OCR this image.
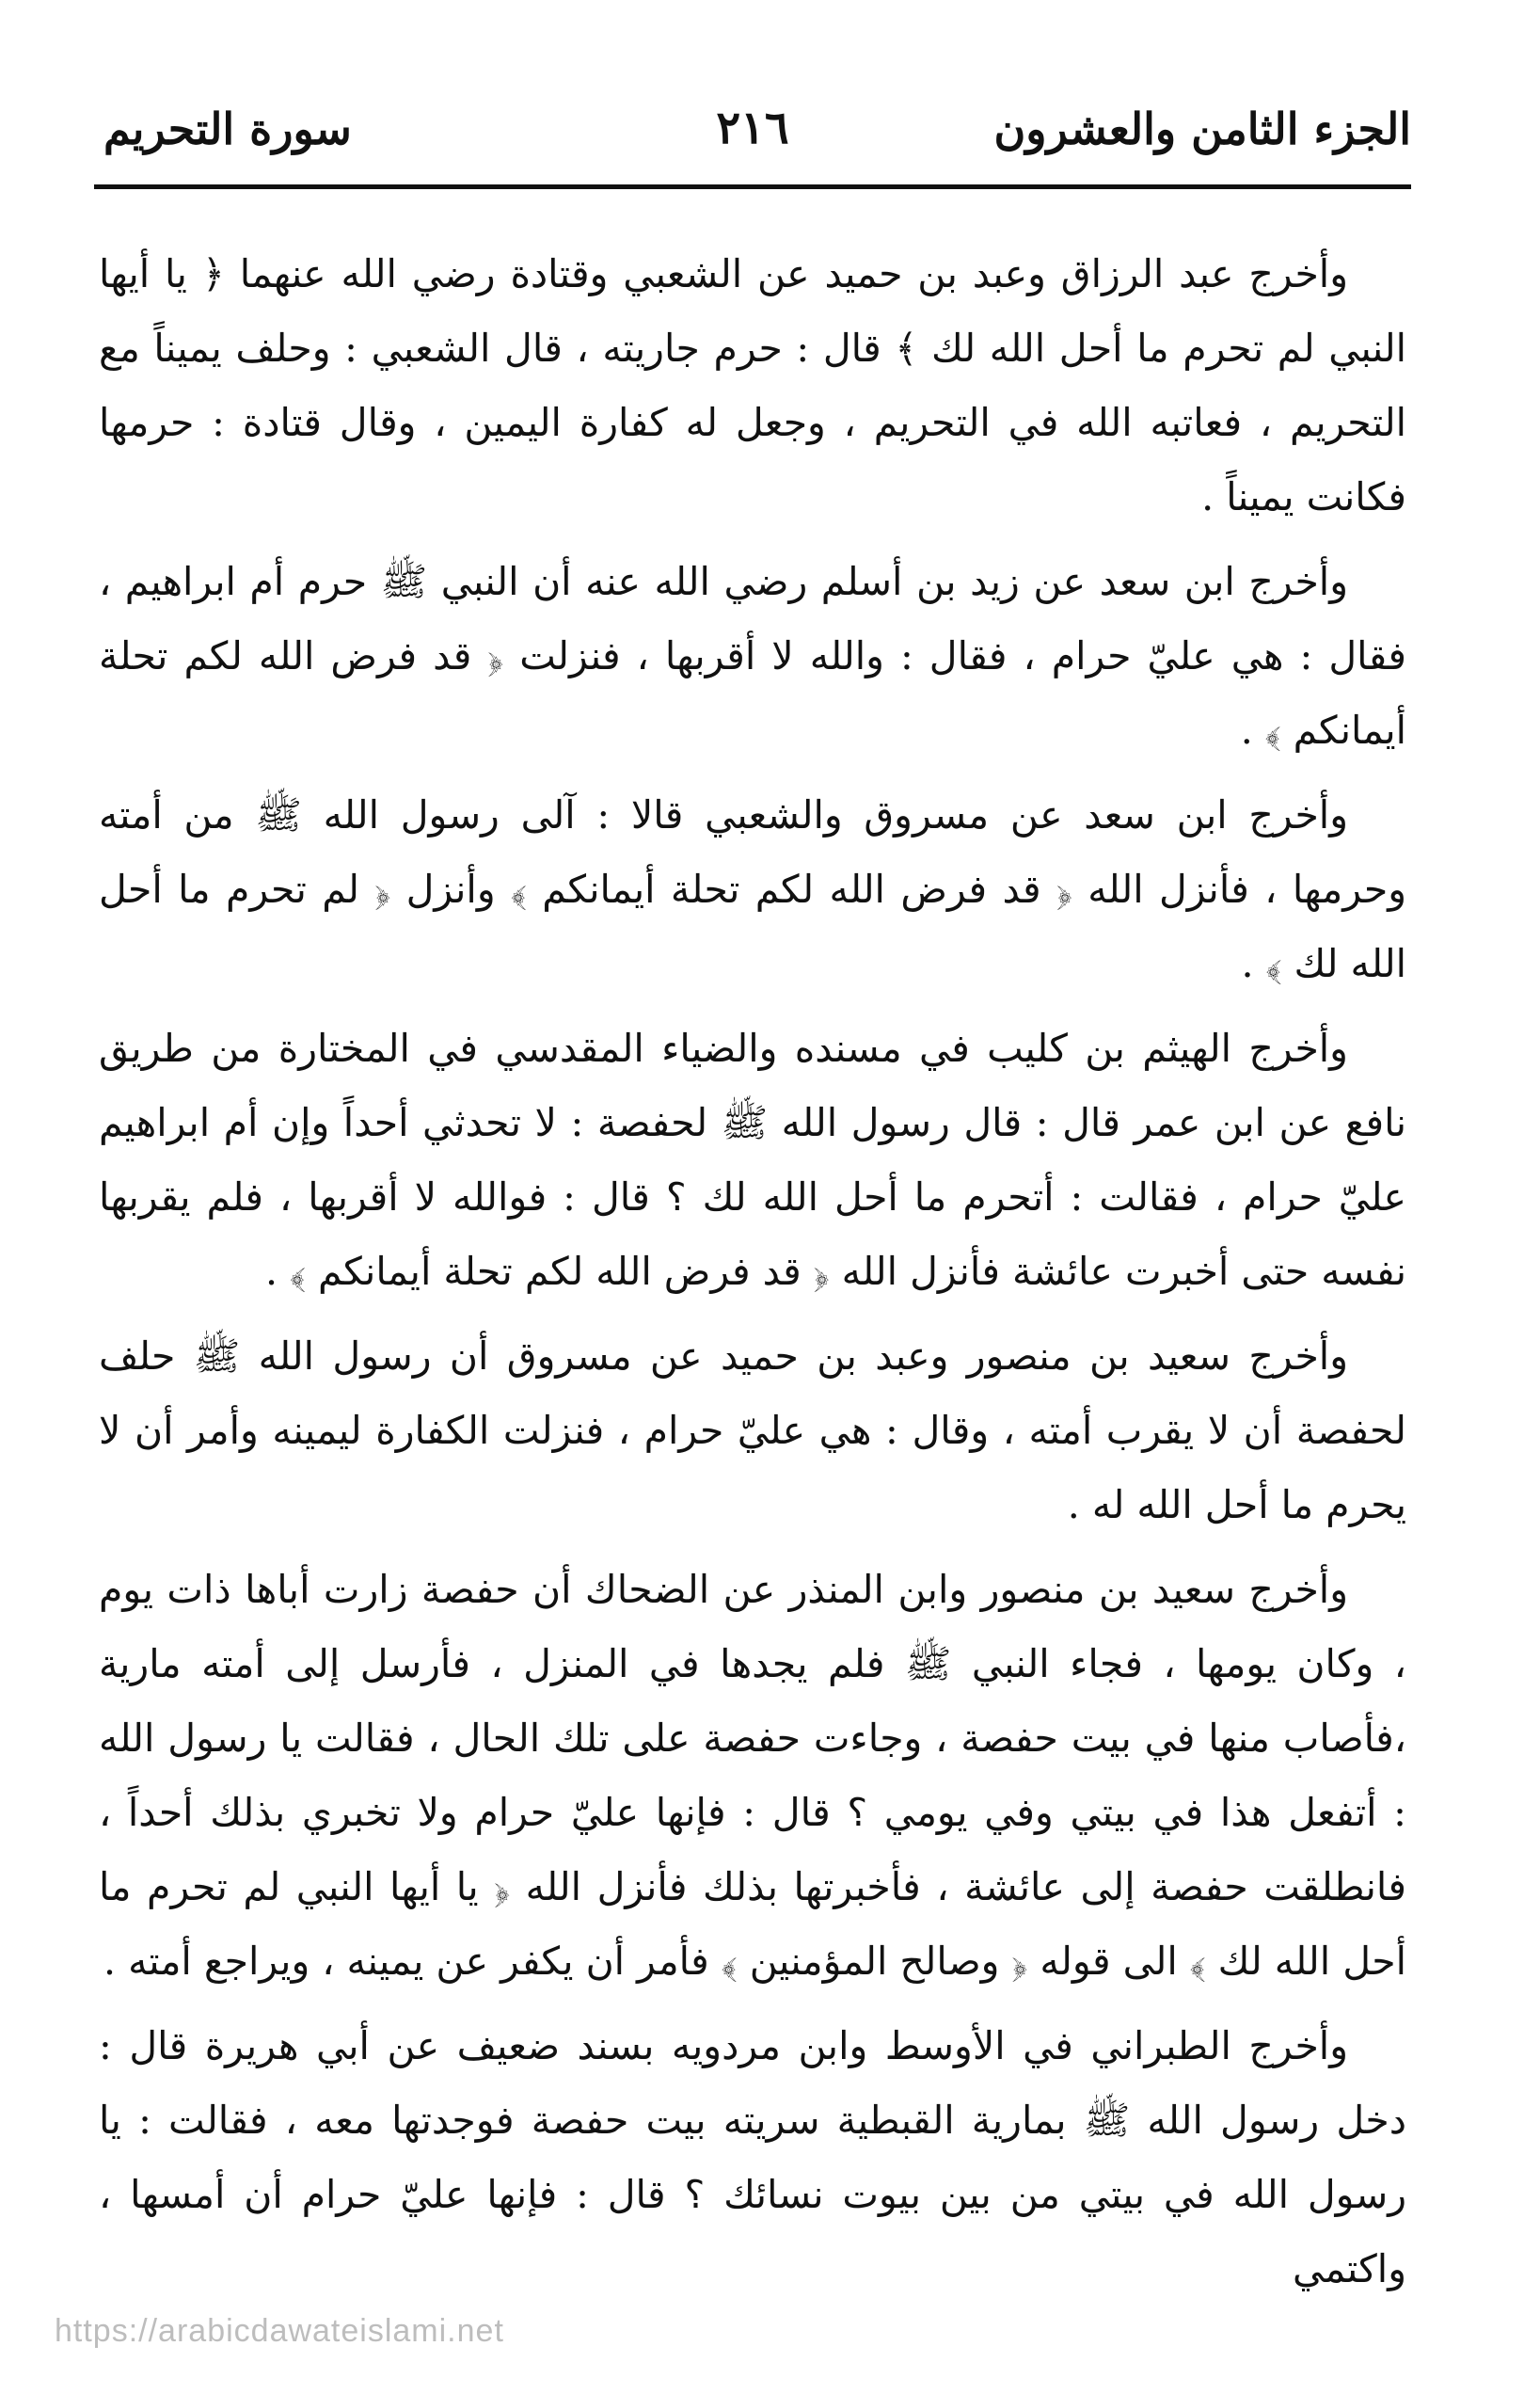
الجزء الثامن والعشرون
٢١٦
سورة التحريم

وأخرج عبد الرزاق وعبد بن حميد عن الشعبي وقتادة رضي الله عنهما ﴿ يا أيها النبي لم تحرم ما أحل الله لك ﴾ قال : حرم جاريته ، قال الشعبي : وحلف يميناً مع التحريم ، فعاتبه الله في التحريم ، وجعل له كفارة اليمين ، وقال قتادة : حرمها فكانت يميناً .

وأخرج ابن سعد عن زيد بن أسلم رضي الله عنه أن النبي ﷺ حرم أم ابراهيم ، فقال : هي عليّ حرام ، فقال : والله لا أقربها ، فنزلت ﴿ قد فرض الله لكم تحلة أيمانكم ﴾ .

وأخرج ابن سعد عن مسروق والشعبي قالا : آلى رسول الله ﷺ من أمته وحرمها ، فأنزل الله ﴿ قد فرض الله لكم تحلة أيمانكم ﴾ وأنزل ﴿ لم تحرم ما أحل الله لك ﴾ .

وأخرج الهيثم بن كليب في مسنده والضياء المقدسي في المختارة من طريق نافع عن ابن عمر قال : قال رسول الله ﷺ لحفصة : لا تحدثي أحداً وإن أم ابراهيم عليّ حرام ، فقالت : أتحرم ما أحل الله لك ؟ قال : فوالله لا أقربها ، فلم يقربها نفسه حتى أخبرت عائشة فأنزل الله ﴿ قد فرض الله لكم تحلة أيمانكم ﴾ .

وأخرج سعيد بن منصور وعبد بن حميد عن مسروق أن رسول الله ﷺ حلف لحفصة أن لا يقرب أمته ، وقال : هي عليّ حرام ، فنزلت الكفارة ليمينه وأمر أن لا يحرم ما أحل الله له .

وأخرج سعيد بن منصور وابن المنذر عن الضحاك أن حفصة زارت أباها ذات يوم ، وكان يومها ، فجاء النبي ﷺ فلم يجدها في المنزل ، فأرسل إلى أمته مارية ،فأصاب منها في بيت حفصة ، وجاءت حفصة على تلك الحال ، فقالت يا رسول الله : أتفعل هذا في بيتي وفي يومي ؟ قال : فإنها عليّ حرام ولا تخبري بذلك أحداً ، فانطلقت حفصة إلى عائشة ، فأخبرتها بذلك فأنزل الله ﴿ يا أيها النبي لم تحرم ما أحل الله لك ﴾ الى قوله ﴿ وصالح المؤمنين ﴾ فأمر أن يكفر عن يمينه ، ويراجع أمته .

وأخرج الطبراني في الأوسط وابن مردويه بسند ضعيف عن أبي هريرة قال : دخل رسول الله ﷺ بمارية القبطية سريته بيت حفصة فوجدتها معه ، فقالت : يا رسول الله في بيتي من بين بيوت نسائك ؟ قال : فإنها عليّ حرام أن أمسها ، واكتمي

https://arabicdawateislami.net
